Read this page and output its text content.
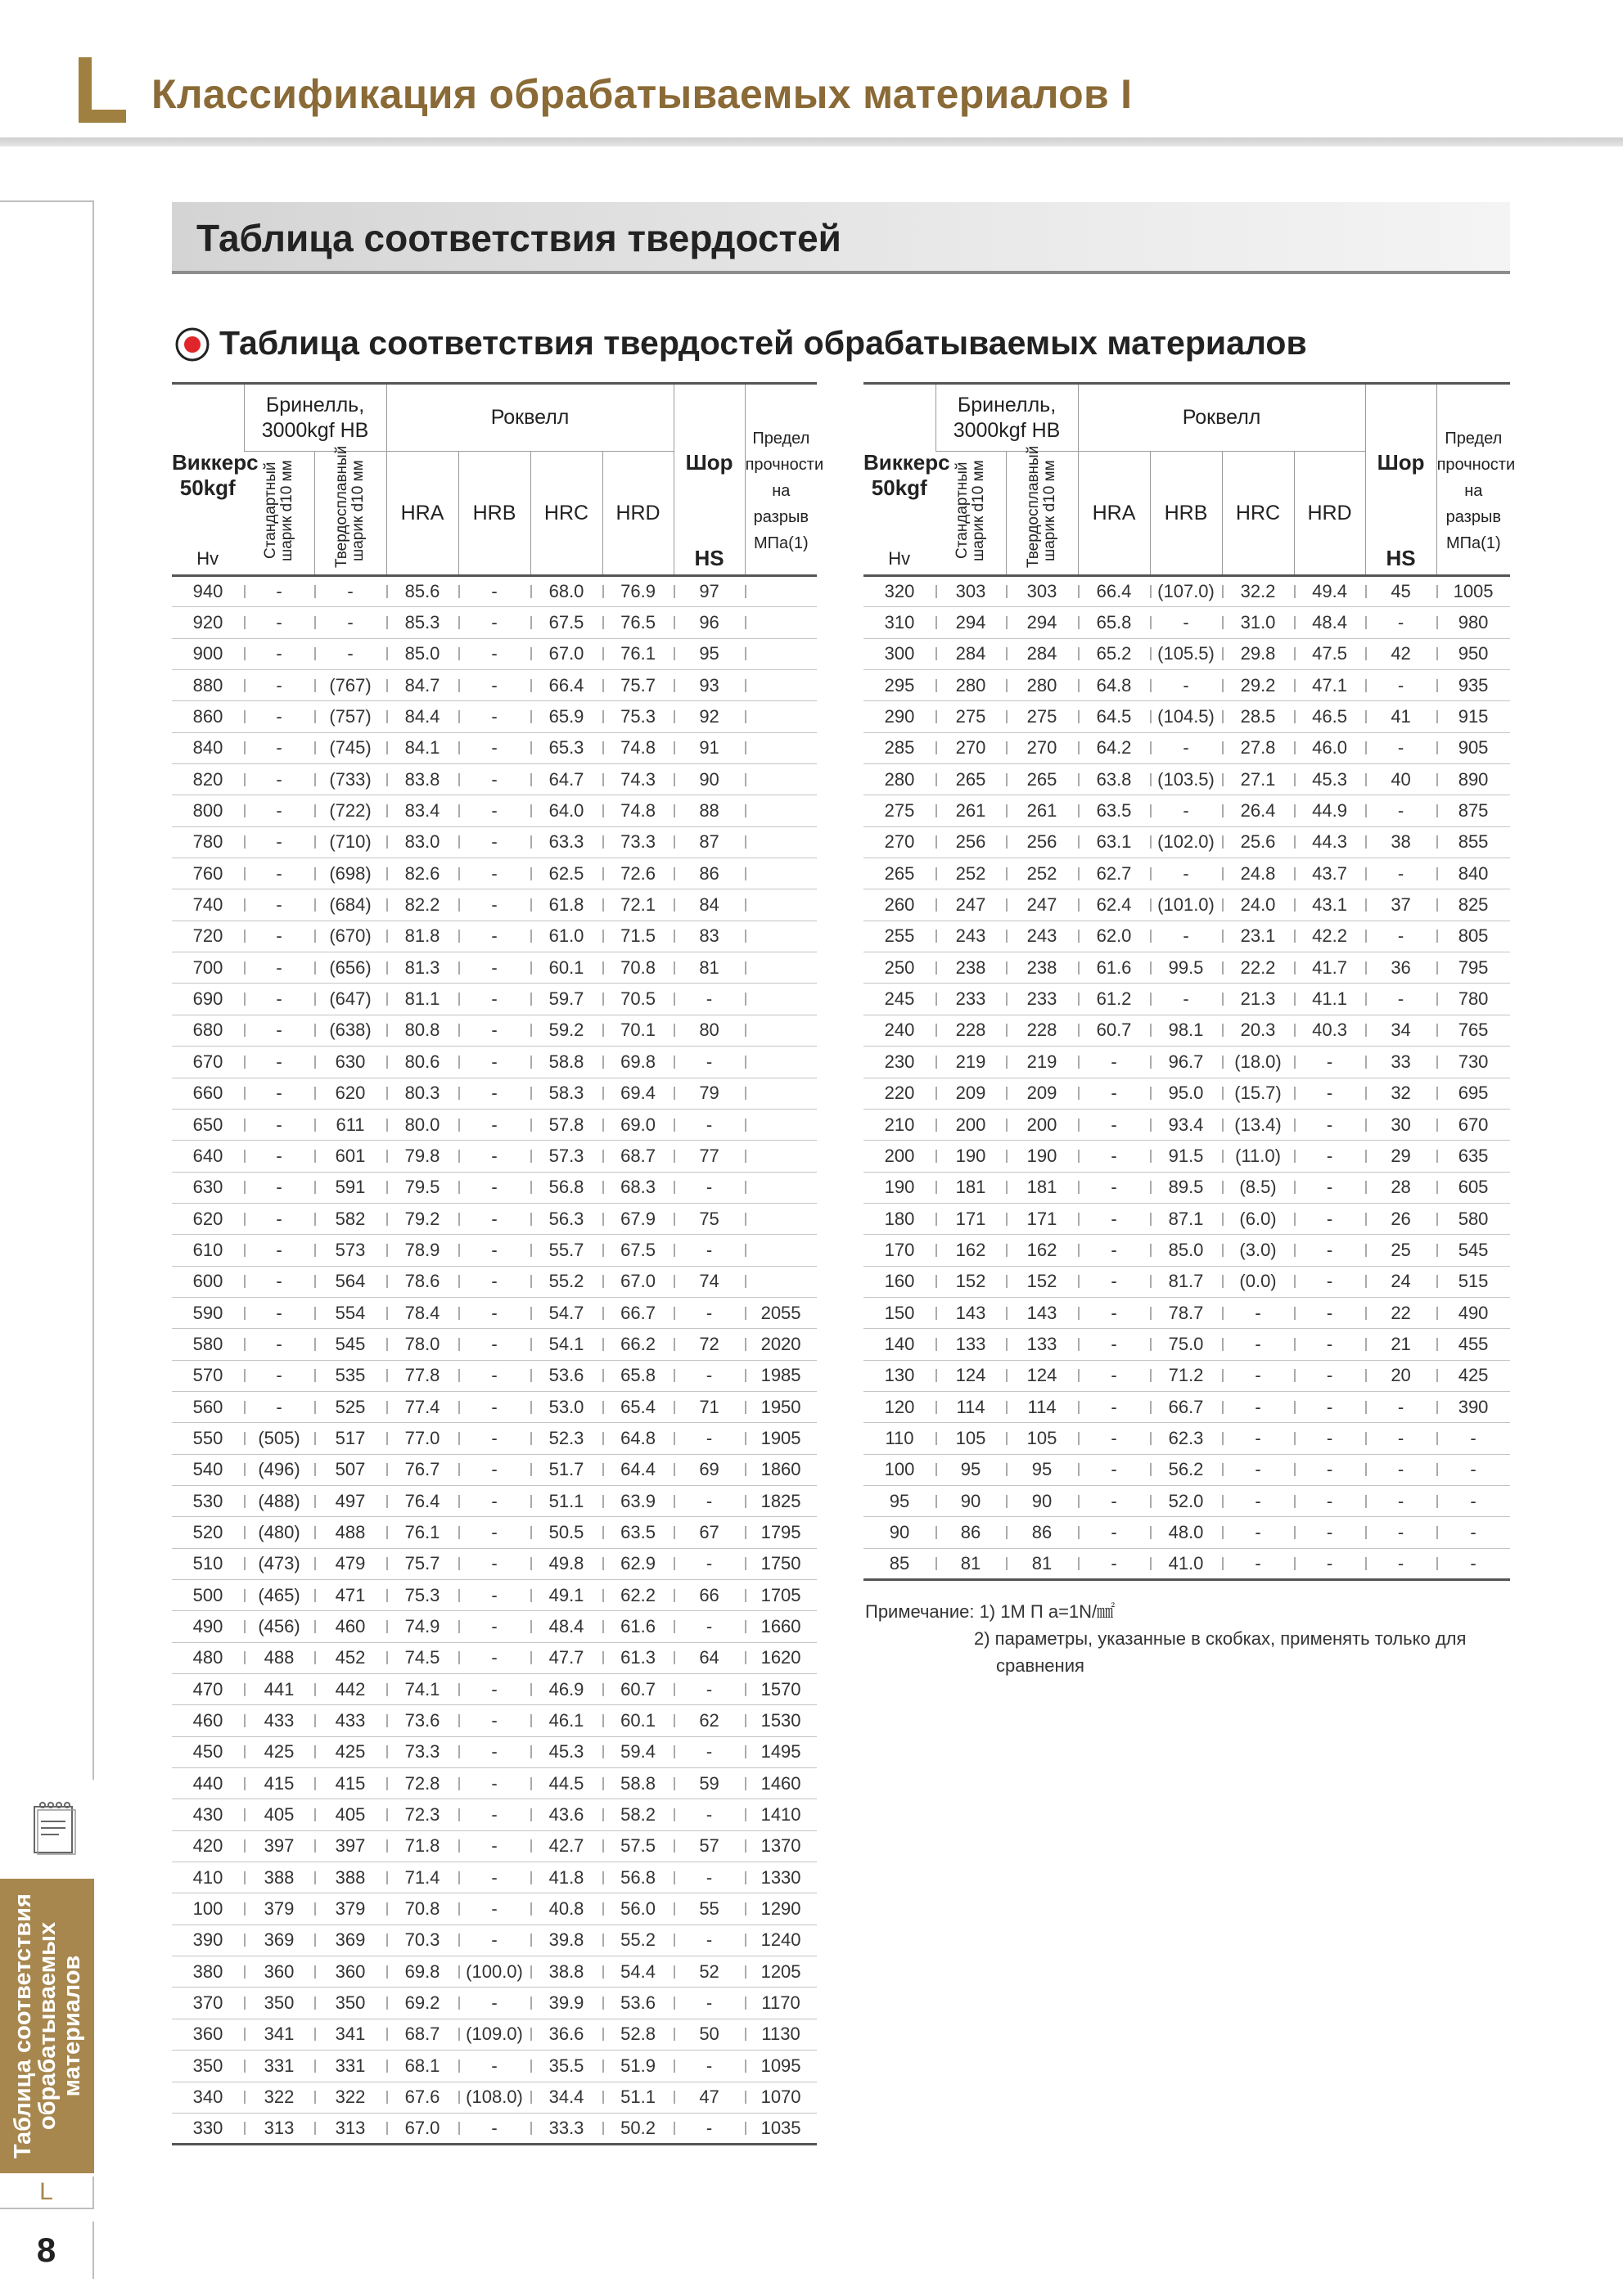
Классификация обрабатываемых материалов I
Таблица соответствия
обрабатываемых
материалов
L
8
Таблица соответствия твердостей
Таблица соответствия твердостей обрабатываемых материалов
Виккерс 50kgf
Hv	Бринелль, 3000kgf HB		Роквелл				Шор
HS	Предел прочности на разрыв
МПа(1)

	Стандартный шарик d10 мм	Твердосплавный шарик d10 мм	HRA	HRB	HRC	HRD		
940	-	-	85.6	-	68.0	76.9	97	
920	-	-	85.3	-	67.5	76.5	96	
900	-	-	85.0	-	67.0	76.1	95	
880	-	(767)	84.7	-	66.4	75.7	93	
860	-	(757)	84.4	-	65.9	75.3	92	
840	-	(745)	84.1	-	65.3	74.8	91	
820	-	(733)	83.8	-	64.7	74.3	90	
800	-	(722)	83.4	-	64.0	74.8	88	
780	-	(710)	83.0	-	63.3	73.3	87	
760	-	(698)	82.6	-	62.5	72.6	86	
740	-	(684)	82.2	-	61.8	72.1	84	
720	-	(670)	81.8	-	61.0	71.5	83	
700	-	(656)	81.3	-	60.1	70.8	81	
690	-	(647)	81.1	-	59.7	70.5	-	
680	-	(638)	80.8	-	59.2	70.1	80	
670	-	630	80.6	-	58.8	69.8	-	
660	-	620	80.3	-	58.3	69.4	79	
650	-	611	80.0	-	57.8	69.0	-	
640	-	601	79.8	-	57.3	68.7	77	
630	-	591	79.5	-	56.8	68.3	-	
620	-	582	79.2	-	56.3	67.9	75	
610	-	573	78.9	-	55.7	67.5	-	
600	-	564	78.6	-	55.2	67.0	74	
590	-	554	78.4	-	54.7	66.7	-	2055
580	-	545	78.0	-	54.1	66.2	72	2020
570	-	535	77.8	-	53.6	65.8	-	1985
560	-	525	77.4	-	53.0	65.4	71	1950
550	(505)	517	77.0	-	52.3	64.8	-	1905
540	(496)	507	76.7	-	51.7	64.4	69	1860
530	(488)	497	76.4	-	51.1	63.9	-	1825
520	(480)	488	76.1	-	50.5	63.5	67	1795
510	(473)	479	75.7	-	49.8	62.9	-	1750
500	(465)	471	75.3	-	49.1	62.2	66	1705
490	(456)	460	74.9	-	48.4	61.6	-	1660
480	488	452	74.5	-	47.7	61.3	64	1620
470	441	442	74.1	-	46.9	60.7	-	1570
460	433	433	73.6	-	46.1	60.1	62	1530
450	425	425	73.3	-	45.3	59.4	-	1495
440	415	415	72.8	-	44.5	58.8	59	1460
430	405	405	72.3	-	43.6	58.2	-	1410
420	397	397	71.8	-	42.7	57.5	57	1370
410	388	388	71.4	-	41.8	56.8	-	1330
100	379	379	70.8	-	40.8	56.0	55	1290
390	369	369	70.3	-	39.8	55.2	-	1240
380	360	360	69.8	(100.0)	38.8	54.4	52	1205
370	350	350	69.2	-	39.9	53.6	-	1170
360	341	341	68.7	(109.0)	36.6	52.8	50	1130
350	331	331	68.1	-	35.5	51.9	-	1095
340	322	322	67.6	(108.0)	34.4	51.1	47	1070
330	313	313	67.0	-	33.3	50.2	-	1035
Виккерс 50kgf
Hv	Бринелль, 3000kgf HB		Роквелл				Шор
HS	Предел прочности на разрыв
МПа(1)

	Стандартный шарик d10 мм	Твердосплавный шарик d10 мм	HRA	HRB	HRC	HRD		
320	303	303	66.4	(107.0)	32.2	49.4	45	1005
310	294	294	65.8	-	31.0	48.4	-	980
300	284	284	65.2	(105.5)	29.8	47.5	42	950
295	280	280	64.8	-	29.2	47.1	-	935
290	275	275	64.5	(104.5)	28.5	46.5	41	915
285	270	270	64.2	-	27.8	46.0	-	905
280	265	265	63.8	(103.5)	27.1	45.3	40	890
275	261	261	63.5	-	26.4	44.9	-	875
270	256	256	63.1	(102.0)	25.6	44.3	38	855
265	252	252	62.7	-	24.8	43.7	-	840
260	247	247	62.4	(101.0)	24.0	43.1	37	825
255	243	243	62.0	-	23.1	42.2	-	805
250	238	238	61.6	99.5	22.2	41.7	36	795
245	233	233	61.2	-	21.3	41.1	-	780
240	228	228	60.7	98.1	20.3	40.3	34	765
230	219	219	-	96.7	(18.0)	-	33	730
220	209	209	-	95.0	(15.7)	-	32	695
210	200	200	-	93.4	(13.4)	-	30	670
200	190	190	-	91.5	(11.0)	-	29	635
190	181	181	-	89.5	(8.5)	-	28	605
180	171	171	-	87.1	(6.0)	-	26	580
170	162	162	-	85.0	(3.0)	-	25	545
160	152	152	-	81.7	(0.0)	-	24	515
150	143	143	-	78.7	-	-	22	490
140	133	133	-	75.0	-	-	21	455
130	124	124	-	71.2	-	-	20	425
120	114	114	-	66.7	-	-	-	390
110	105	105	-	62.3	-	-	-	-
100	95	95	-	56.2	-	-	-	-
95	90	90	-	52.0	-	-	-	-
90	86	86	-	48.0	-	-	-	-
85	81	81	-	41.0	-	-	-	-
Примечание: 1) 1М П а=1N/㎟
2) параметры, указанные в скобках, применять только для
сравнения
